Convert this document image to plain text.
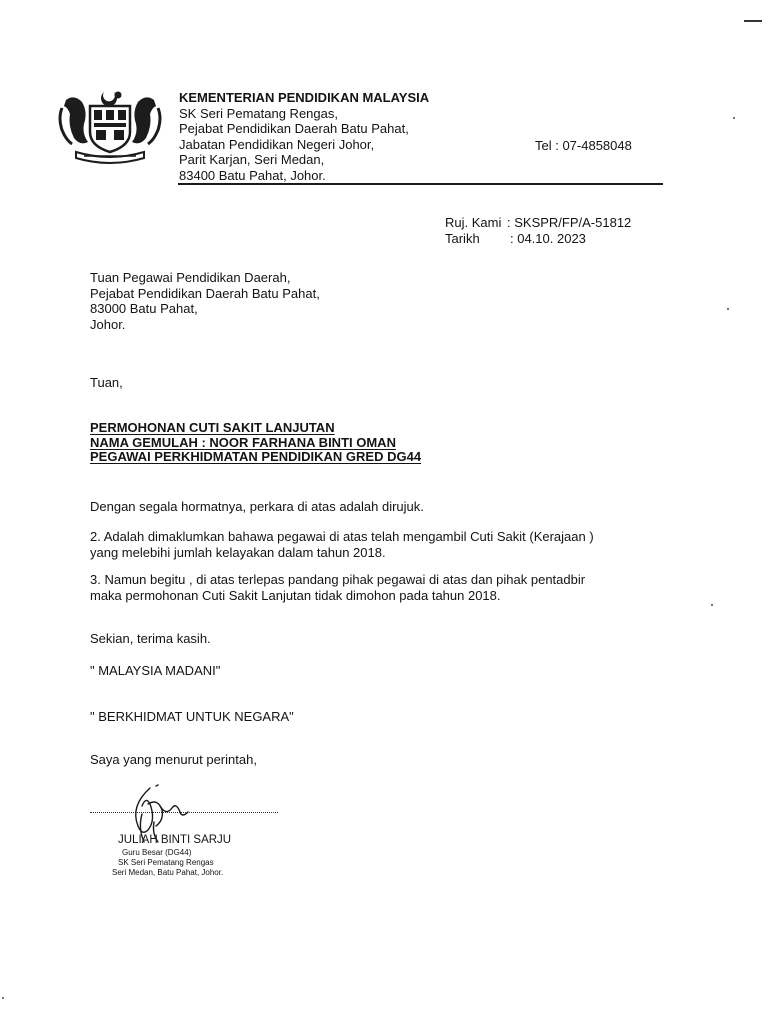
KEMENTERIAN PENDIDIKAN MALAYSIA
SK Seri Pematang Rengas,
Pejabat Pendidikan Daerah Batu Pahat,
Jabatan Pendidikan Negeri Johor,
Parit Karjan, Seri Medan,
83400 Batu Pahat, Johor.
Tel : 07-4858048
Ruj. Kami : SKSPR/FP/A-51812
Tarikh : 04.10. 2023
Tuan Pegawai Pendidikan Daerah,
Pejabat Pendidikan Daerah Batu Pahat,
83000 Batu Pahat,
Johor.
Tuan,
PERMOHONAN CUTI SAKIT LANJUTAN
NAMA GEMULAH : NOOR FARHANA BINTI OMAN
PEGAWAI PERKHIDMATAN PENDIDIKAN GRED DG44
Dengan segala hormatnya, perkara di atas adalah dirujuk.
2. Adalah dimaklumkan bahawa pegawai di atas telah mengambil Cuti Sakit (Kerajaan )
yang melebihi jumlah kelayakan dalam tahun 2018.
3. Namun begitu , di atas terlepas pandang pihak pegawai di atas dan pihak pentadbir
maka permohonan Cuti Sakit Lanjutan tidak dimohon pada tahun 2018.
Sekian, terima kasih.
" MALAYSIA MADANI"
" BERKHIDMAT UNTUK NEGARA"
Saya yang menurut perintah,
JULIAH BINTI SARJU
Guru Besar (DG44)
SK Seri Pematang Rengas
Seri Medan, Batu Pahat, Johor.
